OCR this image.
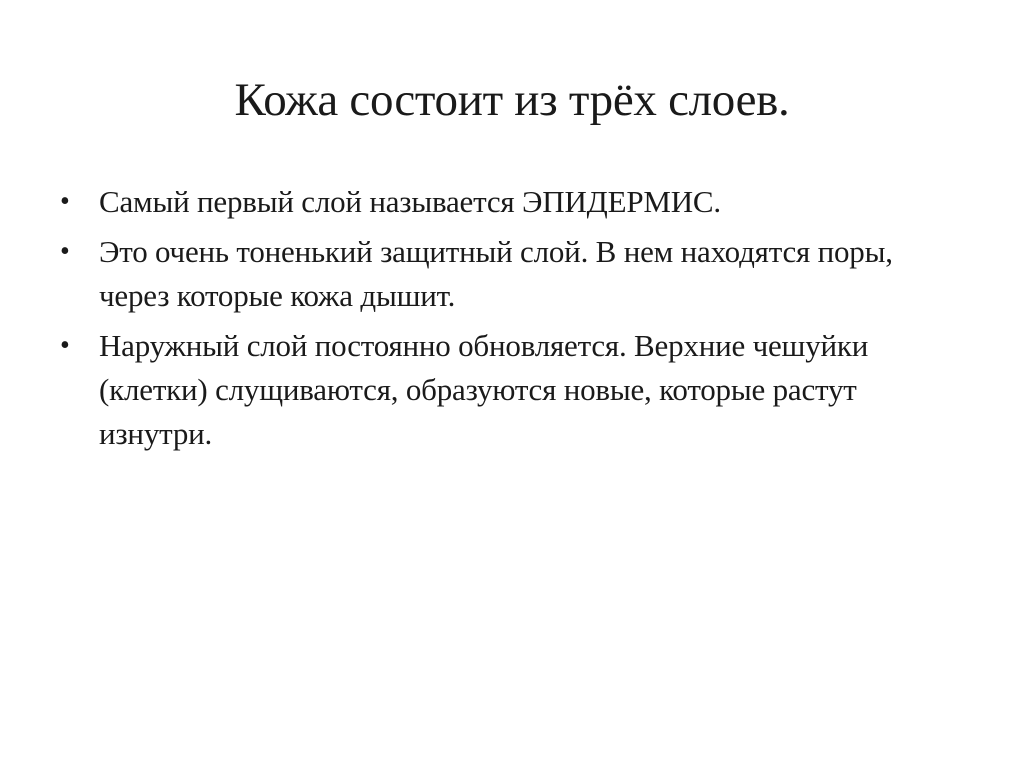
Кожа состоит из трёх слоев.
• Самый первый слой называется ЭПИДЕРМИС.
• Это очень тоненький защитный слой. В нем находятся поры, через которые кожа дышит.
• Наружный слой постоянно обновляется. Верхние чешуйки (клетки) слущиваются, образуются новые, которые растут изнутри.
